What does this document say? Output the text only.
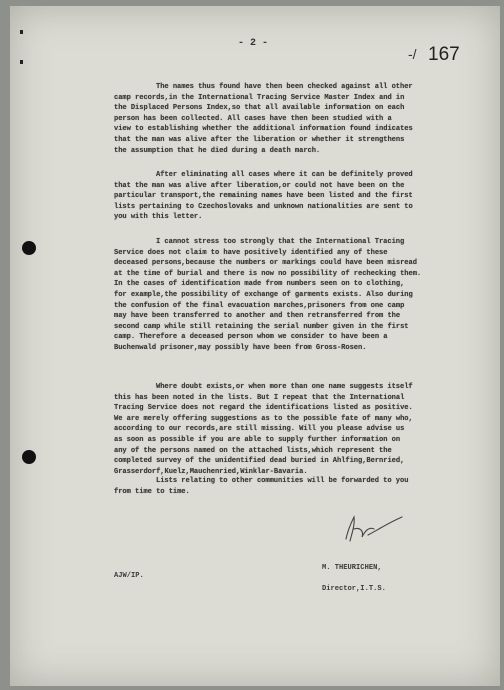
- 2 -
-/ 167

The names thus found have then been checked against all other
camp records,in the International Tracing Service Master Index and in
the Displaced Persons Index,so that all available information on each
person has been collected. All cases have then been studied with a
view to establishing whether the additional information found indicates
that the man was alive after the liberation or whether it strengthens
the assumption that he died during a death march.

After eliminating all cases where it can be definitely proved
that the man was alive after liberation,or could not have been on the
particular transport,the remaining names have been listed and the first
lists pertaining to Czechoslovaks and unknown nationalities are sent to
you with this letter.

I cannot stress too strongly that the International Tracing
Service does not claim to have positively identified any of these
deceased persons,because the numbers or markings could have been misread
at the time of burial and there is now no possibility of rechecking them.
In the cases of identification made from numbers seen on to clothing,
for example,the possibility of exchange of garments exists. Also during
the confusion of the final evacuation marches,prisoners from one camp
may have been transferred to another and then retransferred from the
second camp while still retaining the serial number given in the first
camp. Therefore a deceased person whom we consider to have been a
Buchenwald prisoner,may possibly have been from Gross-Rosen.

Where doubt exists,or when more than one name suggests itself
this has been noted in the lists. But I repeat that the International
Tracing Service does not regard the identifications listed as positive.
We are merely offering suggestions as to the possible fate of many who,
according to our records,are still missing. Will you please advise us
as soon as possible if you are able to supply further information on
any of the persons named on the attached lists,which represent the
completed survey of the unidentified dead buried in Ahlfing,Bernried,
Grasserdorf,Kuelz,Mauchenried,Winklar-Bavaria.

Lists relating to other communities will be forwarded to you
from time to time.

M. THEURICHEN,

Director,I.T.S.

AJW/IP.
